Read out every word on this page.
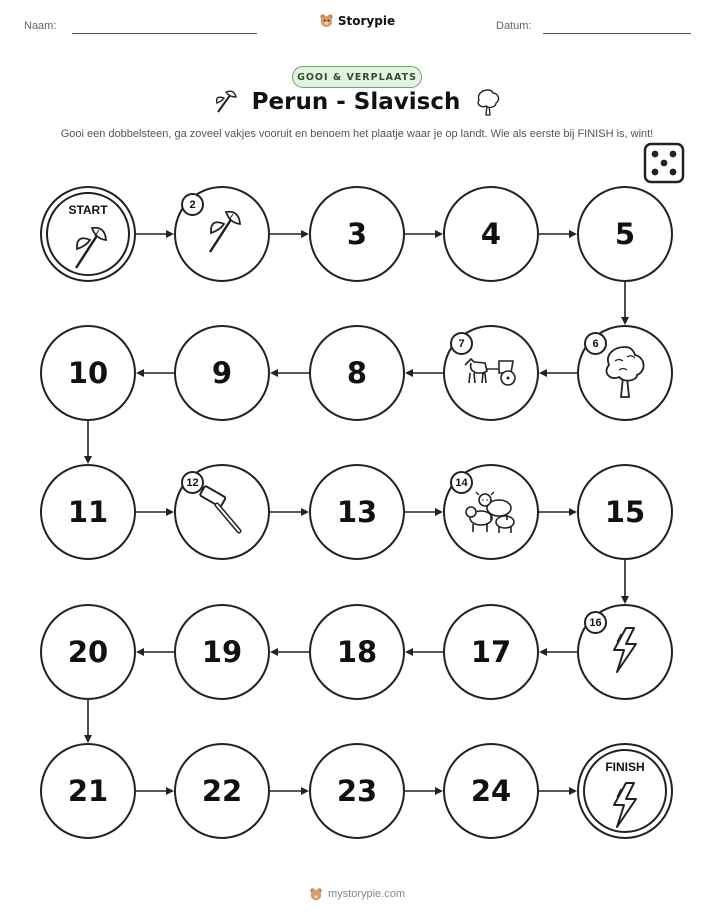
Naam:	Storypie	Datum:
GOOI & VERPLAATS
Perun - Slavisch
Gooi een dobbelsteen, ga zoveel vakjes vooruit en benoem het plaatje waar je op landt. Wie als eerste bij FINISH is, wint!
START	2
3	4	5
6
7
8
9
10
11
12
13
14
15
16
17
18
19
20
21	22	23	24
FINISH
mystorypie.com
